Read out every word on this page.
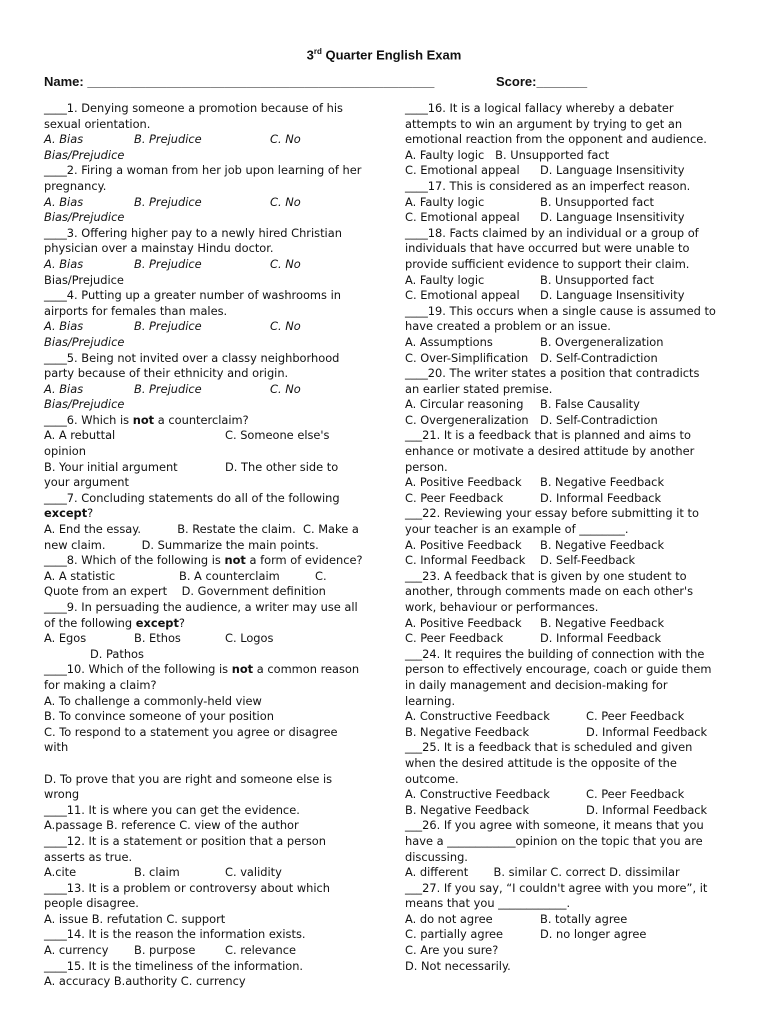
3rd Quarter English Exam
Name: ________________________________________________	Score:_______

____1. Denying someone a promotion because of his sexual orientation.

A. Bias	B. Prejudice	C. No

Bias/Prejudice

____2. Firing a woman from her job upon learning of her pregnancy.

A. Bias	B. Prejudice	C. No

Bias/Prejudice

____3. Offering higher pay to a newly hired Christian physician over a mainstay Hindu doctor.

A. Bias	B. Prejudice	C. No

Bias/Prejudice

____4. Putting up a greater number of washrooms in airports for females than males.

A. Bias	B. Prejudice	C. No

Bias/Prejudice

____5. Being not invited over a classy neighborhood party because of their ethnicity and origin.

A. Bias	B. Prejudice	C. No

Bias/Prejudice

____6. Which is not a counterclaim?

A. A rebuttal	C. Someone else's

opinion

B. Your initial argument	D. The other side to

your argument

____7. Concluding statements do all of the following except?

A. End the essay.          B. Restate the claim.  C. Make a

new claim.          D. Summarize the main points.

____8. Which of the following is not a form of evidence?

A. A statistic	B. A counterclaim	C.

Quote from an expert    D. Government definition

____9. In persuading the audience, a writer may use all of the following except?

A. Egos	B. Ethos	C. Logos

D. Pathos

____10. Which of the following is not a common reason for making a claim?

A. To challenge a commonly-held view

B. To convince someone of your position

C. To respond to a statement you agree or disagree with

D. To prove that you are right and someone else is wrong

____11. It is where you can get the evidence.

A.passage B. reference C. view of the author

____12. It is a statement or position that a person asserts as true.

A.cite	B. claim	C. validity

____13. It is a problem or controversy about which people disagree.

A. issue B. refutation C. support

____14. It is the reason the information exists.

A. currency	B. purpose	C. relevance

____15. It is the timeliness of the information.

A. accuracy B.authority C. currency

____16. It is a logical fallacy whereby a debater attempts to win an argument by trying to get an emotional reaction from the opponent and audience.

A. Faulty logic   B. Unsupported fact

C. Emotional appeal	D. Language Insensitivity

____17. This is considered as an imperfect reason.

A. Faulty logic	B. Unsupported fact
C. Emotional appeal	D. Language Insensitivity

____18. Facts claimed by an individual or a group of individuals that have occurred but were unable to provide sufficient evidence to support their claim.

A. Faulty logic	B. Unsupported fact
C. Emotional appeal	D. Language Insensitivity

____19. This occurs when a single cause is assumed to have created a problem or an issue.

A. Assumptions	B. Overgeneralization
C. Over-Simplification	D. Self-Contradiction

____20. The writer states a position that contradicts an earlier stated premise.

A. Circular reasoning	B. False Causality
C. Overgeneralization D. Self-Contradiction

___21. It is a feedback that is planned and aims to enhance or motivate a desired attitude by another person.

A. Positive Feedback	B. Negative Feedback
C. Peer Feedback	D. Informal Feedback

___22. Reviewing your essay before submitting it to your teacher is an example of ________.

A. Positive Feedback	B. Negative Feedback
C. Informal Feedback	D. Self-Feedback

___23. A feedback that is given by one student to another, through comments made on each other's work, behaviour or performances.

A. Positive Feedback	B. Negative Feedback
C. Peer Feedback	D. Informal Feedback

___24. It requires the building of connection with the person to effectively encourage, coach or guide them in daily management and decision-making for learning.

A. Constructive Feedback	C. Peer Feedback
B. Negative Feedback	D. Informal Feedback

___25. It is a feedback that is scheduled and given when the desired attitude is the opposite of the outcome.

A. Constructive Feedback	C. Peer Feedback
B. Negative Feedback	D. Informal Feedback

___26. If you agree with someone, it means that you have a ____________opinion on the topic that you are discussing.

A. different       B. similar C. correct D. dissimilar

___27. If you say, “I couldn't agree with you more”, it means that you ____________.

A. do not agree	B. totally agree
C. partially agree	D. no longer agree

C. Are you sure?

D. Not necessarily.
